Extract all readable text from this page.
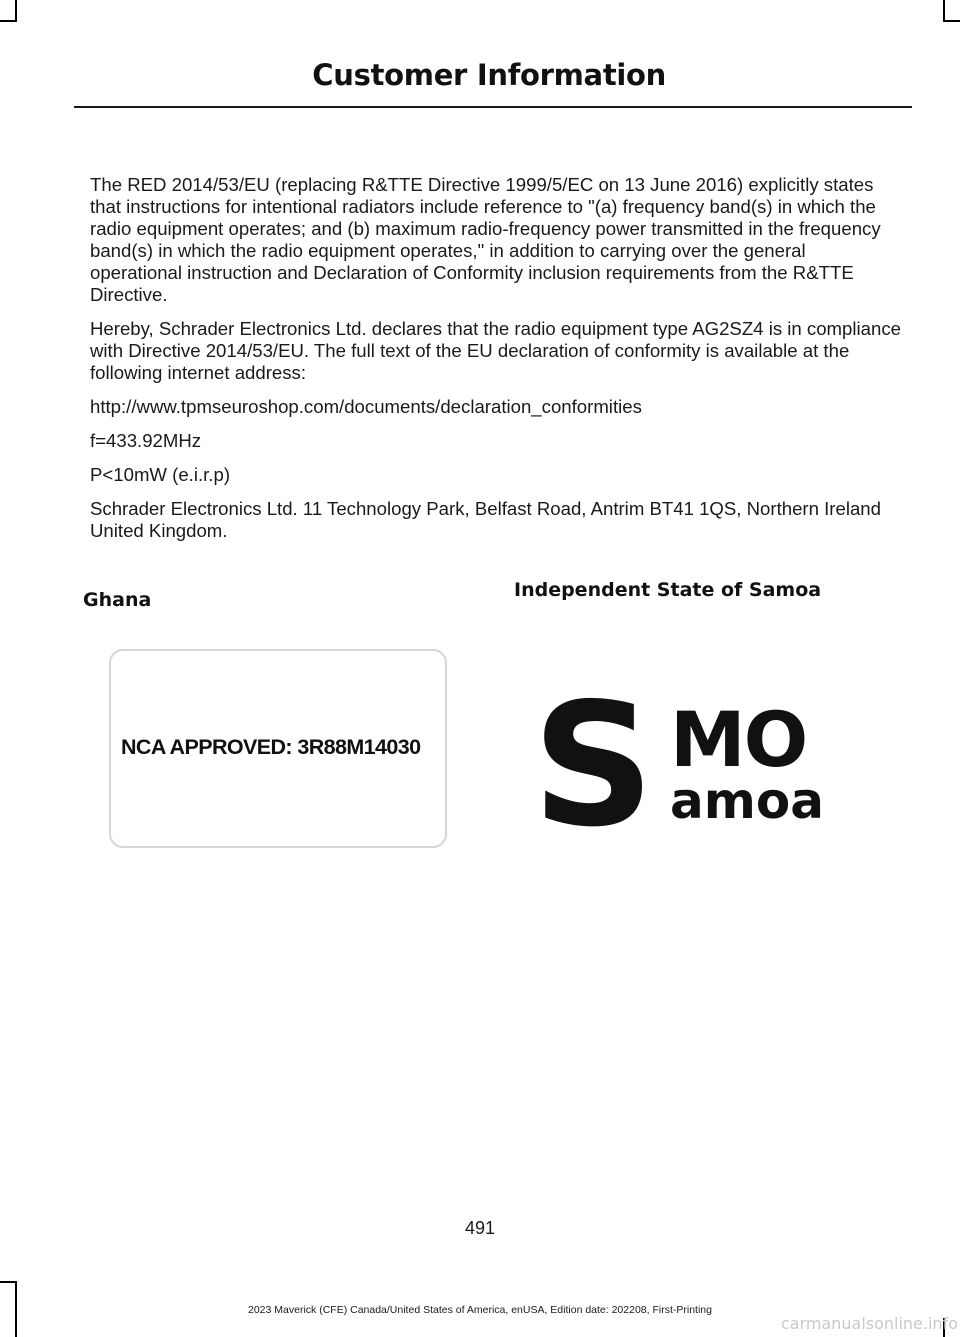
Customer Information

The RED 2014/53/EU (replacing R&TTE Directive 1999/5/EC on 13 June 2016) explicitly states that instructions for intentional radiators include reference to "(a) frequency band(s) in which the radio equipment operates; and (b) maximum radio-frequency power transmitted in the frequency band(s) in which the radio equipment operates," in addition to carrying over the general operational instruction and Declaration of Conformity inclusion requirements from the R&TTE Directive.

Hereby, Schrader Electronics Ltd. declares that the radio equipment type AG2SZ4 is in compliance with Directive 2014/53/EU. The full text of the EU declaration of conformity is available at the following internet address:

http://www.tpmseuroshop.com/documents/declaration_conformities

f=433.92MHz

P<10mW (e.i.r.p)

Schrader Electronics Ltd. 11 Technology Park, Belfast Road, Antrim BT41 1QS, Northern Ireland United Kingdom.

Ghana
NCA APPROVED: 3R88M14030
Independent State of Samoa
S MO
amoa
491
2023 Maverick (CFE) Canada/United States of America, enUSA, Edition date: 202208, First-Printing
carmanualsonline.info
